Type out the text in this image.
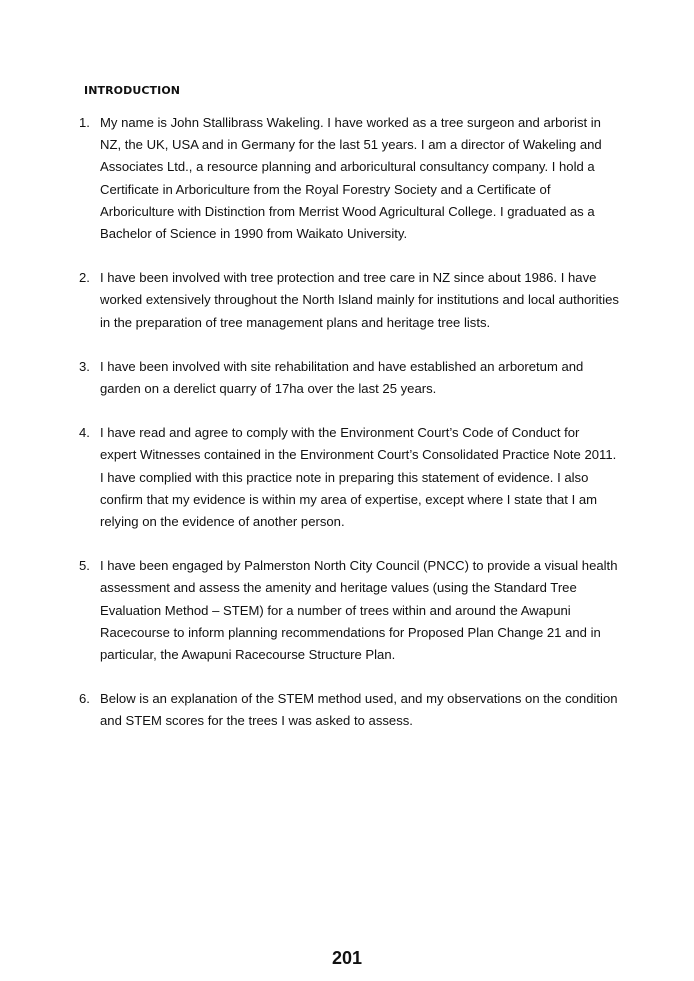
INTRODUCTION
1. My name is John Stallibrass Wakeling. I have worked as a tree surgeon and arborist in NZ, the UK, USA and in Germany for the last 51 years. I am a director of Wakeling and Associates Ltd., a resource planning and arboricultural consultancy company. I hold a Certificate in Arboriculture from the Royal Forestry Society and a Certificate of Arboriculture with Distinction from Merrist Wood Agricultural College. I graduated as a Bachelor of Science in 1990 from Waikato University.
2. I have been involved with tree protection and tree care in NZ since about 1986. I have worked extensively throughout the North Island mainly for institutions and local authorities in the preparation of tree management plans and heritage tree lists.
3. I have been involved with site rehabilitation and have established an arboretum and garden on a derelict quarry of 17ha over the last 25 years.
4. I have read and agree to comply with the Environment Court’s Code of Conduct for expert Witnesses contained in the Environment Court’s Consolidated Practice Note 2011. I have complied with this practice note in preparing this statement of evidence. I also confirm that my evidence is within my area of expertise, except where I state that I am relying on the evidence of another person.
5. I have been engaged by Palmerston North City Council (PNCC) to provide a visual health assessment and assess the amenity and heritage values (using the Standard Tree Evaluation Method – STEM) for a number of trees within and around the Awapuni Racecourse to inform planning recommendations for Proposed Plan Change 21 and in particular, the Awapuni Racecourse Structure Plan.
6. Below is an explanation of the STEM method used, and my observations on the condition and STEM scores for the trees I was asked to assess.
201
